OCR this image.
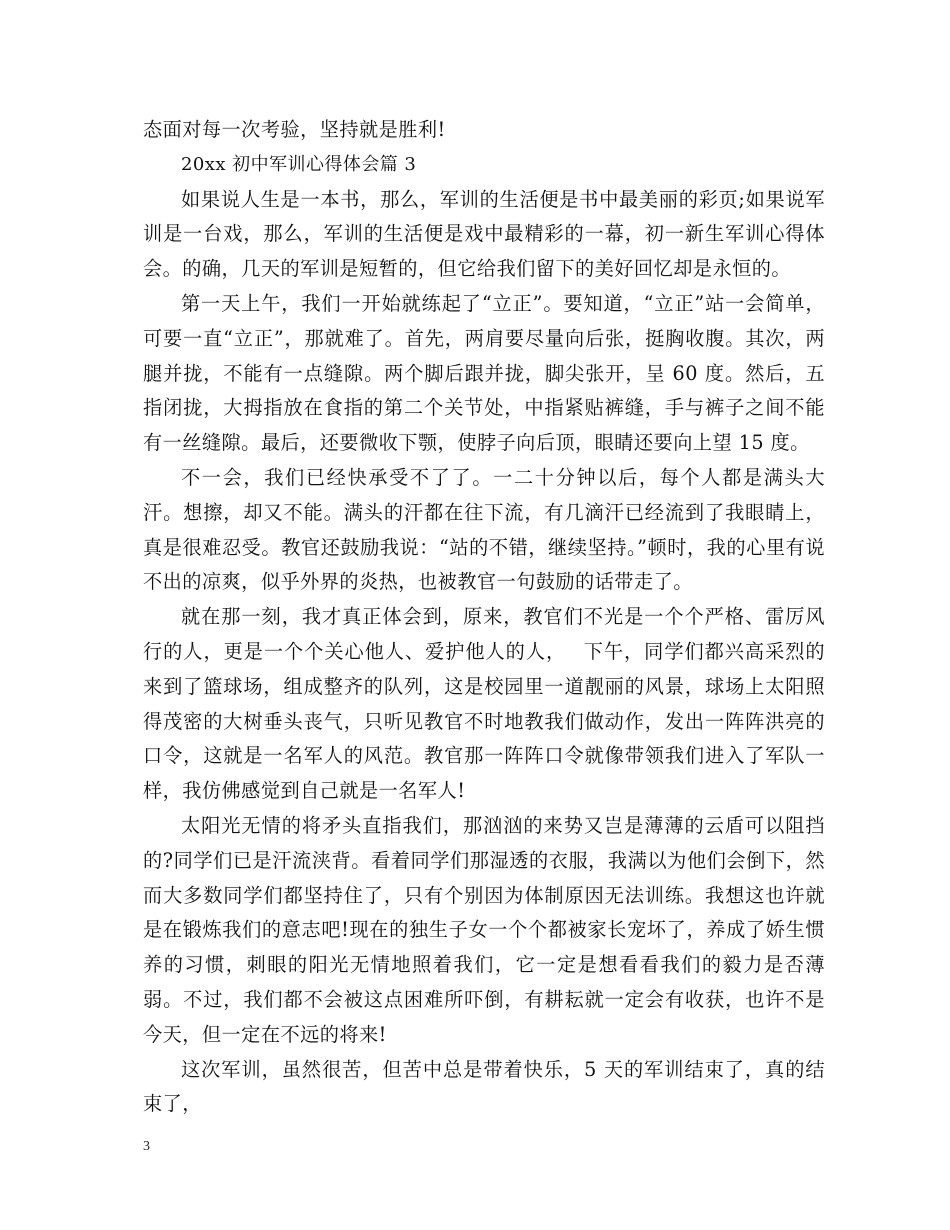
态面对每一次考验，坚持就是胜利!

20xx 初中军训心得体会篇 3

如果说人生是一本书，那么，军训的生活便是书中最美丽的彩页;如果说军训是一台戏，那么，军训的生活便是戏中最精彩的一幕，初一新生军训心得体会。的确，几天的军训是短暂的，但它给我们留下的美好回忆却是永恒的。

第一天上午，我们一开始就练起了“立正”。要知道，“立正”站一会简单，可要一直“立正”，那就难了。首先，两肩要尽量向后张，挺胸收腹。其次，两腿并拢，不能有一点缝隙。两个脚后跟并拢，脚尖张开，呈 60 度。然后，五指闭拢，大拇指放在食指的第二个关节处，中指紧贴裤缝，手与裤子之间不能有一丝缝隙。最后，还要微收下颚，使脖子向后顶，眼睛还要向上望 15 度。

不一会，我们已经快承受不了了。一二十分钟以后，每个人都是满头大汗。想擦，却又不能。满头的汗都在往下流，有几滴汗已经流到了我眼睛上，真是很难忍受。教官还鼓励我说：“站的不错，继续坚持。”顿时，我的心里有说不出的凉爽，似乎外界的炎热，也被教官一句鼓励的话带走了。

就在那一刻，我才真正体会到，原来，教官们不光是一个个严格、雷厉风行的人，更是一个个关心他人、爱护他人的人，　 下午，同学们都兴高采烈的来到了篮球场，组成整齐的队列，这是校园里一道靓丽的风景，球场上太阳照得茂密的大树垂头丧气，只听见教官不时地教我们做动作，发出一阵阵洪亮的口令，这就是一名军人的风范。教官那一阵阵口令就像带领我们进入了军队一样，我仿佛感觉到自己就是一名军人!

太阳光无情的将矛头直指我们，那汹汹的来势又岂是薄薄的云盾可以阻挡的?同学们已是汗流浃背。看着同学们那湿透的衣服，我满以为他们会倒下，然而大多数同学们都坚持住了，只有个别因为体制原因无法训练。我想这也许就是在锻炼我们的意志吧!现在的独生子女一个个都被家长宠坏了，养成了娇生惯养的习惯，刺眼的阳光无情地照着我们，它一定是想看看我们的毅力是否薄弱。不过，我们都不会被这点困难所吓倒，有耕耘就一定会有收获，也许不是今天，但一定在不远的将来!

这次军训，虽然很苦，但苦中总是带着快乐，5 天的军训结束了，真的结束了，

3
